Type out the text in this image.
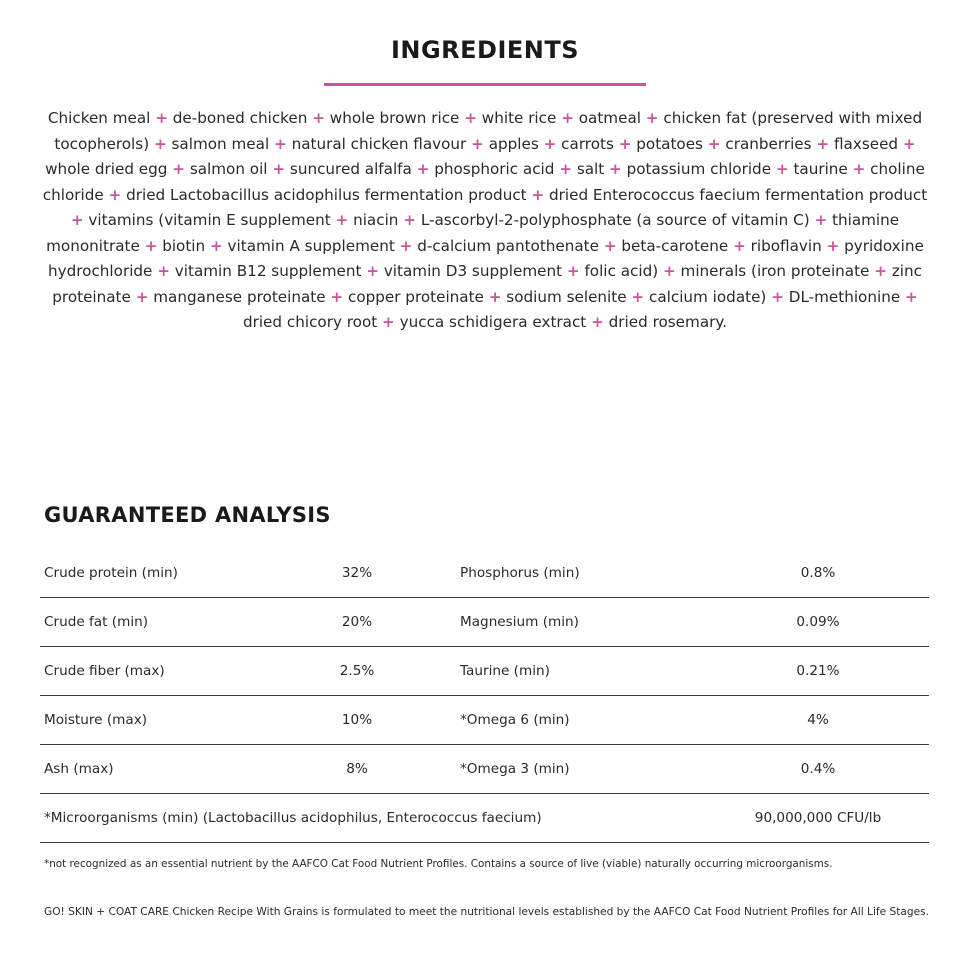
INGREDIENTS
Chicken meal + de-boned chicken + whole brown rice + white rice + oatmeal + chicken fat (preserved with mixed tocopherols) + salmon meal + natural chicken flavour + apples + carrots + potatoes + cranberries + flaxseed + whole dried egg + salmon oil + suncured alfalfa + phosphoric acid + salt + potassium chloride + taurine + choline chloride + dried Lactobacillus acidophilus fermentation product + dried Enterococcus faecium fermentation product + vitamins (vitamin E supplement + niacin + L-ascorbyl-2-polyphosphate (a source of vitamin C) + thiamine mononitrate + biotin + vitamin A supplement + d-calcium pantothenate + beta-carotene + riboflavin + pyridoxine hydrochloride + vitamin B12 supplement + vitamin D3 supplement + folic acid) + minerals (iron proteinate + zinc proteinate + manganese proteinate + copper proteinate + sodium selenite + calcium iodate) + DL-methionine + dried chicory root + yucca schidigera extract + dried rosemary.
GUARANTEED ANALYSIS
Crude protein (min)	32%	Phosphorus (min)	0.8%
Crude fat (min)	20%	Magnesium (min)	0.09%
Crude fiber (max)	2.5%	Taurine (min)	0.21%
Moisture (max)	10%	*Omega 6 (min)	4%
Ash (max)	8%	*Omega 3 (min)	0.4%
*Microorganisms (min) (Lactobacillus acidophilus, Enterococcus faecium)	90,000,000 CFU/lb
*not recognized as an essential nutrient by the AAFCO Cat Food Nutrient Profiles. Contains a source of live (viable) naturally occurring microorganisms.
GO! SKIN + COAT CARE Chicken Recipe With Grains is formulated to meet the nutritional levels established by the AAFCO Cat Food Nutrient Profiles for All Life Stages.
